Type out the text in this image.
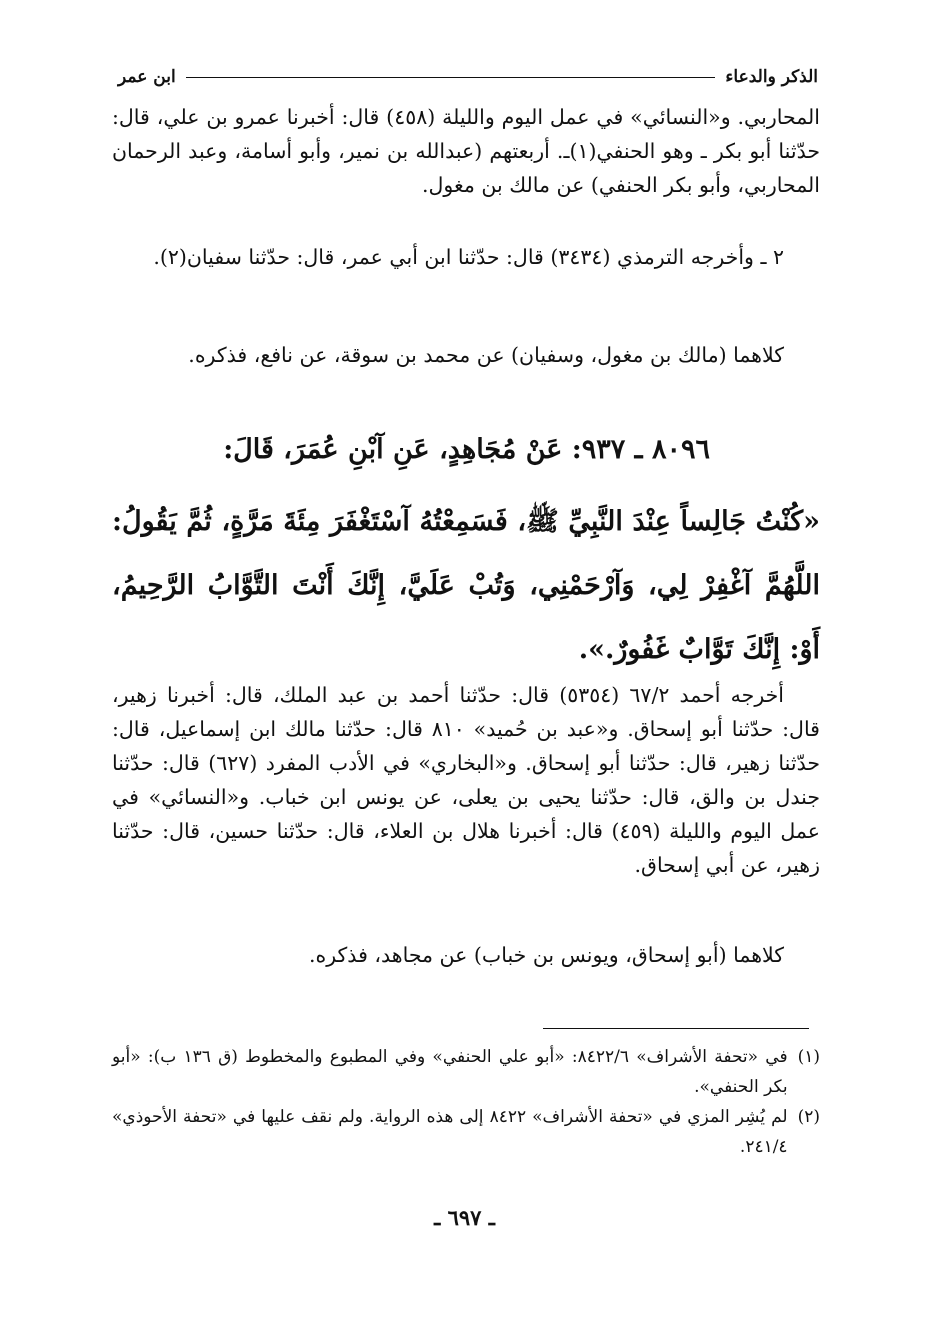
الذكر والدعاء
ابن عمر

المحاربي. و«النسائي» في عمل اليوم والليلة (٤٥٨) قال: أخبرنا عمرو بن علي، قال: حدّثنا أبو بكر ـ وهو الحنفي(١)ـ. أربعتهم (عبدالله بن نمير، وأبو أسامة، وعبد الرحمان المحاربي، وأبو بكر الحنفي) عن مالك بن مغول.

٢ ـ وأخرجه الترمذي (٣٤٣٤) قال: حدّثنا ابن أبي عمر، قال: حدّثنا سفيان(٢).

كلاهما (مالك بن مغول، وسفيان) عن محمد بن سوقة، عن نافع، فذكره.

٨٠٩٦ ـ ٩٣٧: عَنْ مُجَاهِدٍ، عَنِ آبْنِ عُمَرَ، قَالَ:
«كُنْتُ جَالِساً عِنْدَ النَّبِيِّ ﷺ، فَسَمِعْتُهُ آسْتَغْفَرَ مِئَةَ مَرَّةٍ، ثُمَّ يَقُولُ: اللَّهُمَّ آغْفِرْ لِي، وَآرْحَمْنِي، وَتُبْ عَلَيَّ، إِنَّكَ أَنْتَ التَّوَّابُ الرَّحِيمُ، أَوْ: إِنَّكَ تَوَّابٌ غَفُورٌ.».

أخرجه أحمد ٦٧/٢ (٥٣٥٤) قال: حدّثنا أحمد بن عبد الملك، قال: أخبرنا زهير، قال: حدّثنا أبو إسحاق. و«عبد بن حُميد» ٨١٠ قال: حدّثنا مالك ابن إسماعيل، قال: حدّثنا زهير، قال: حدّثنا أبو إسحاق. و«البخاري» في الأدب المفرد (٦٢٧) قال: حدّثنا جندل بن والق، قال: حدّثنا يحيى بن يعلى، عن يونس ابن خباب. و«النسائي» في عمل اليوم والليلة (٤٥٩) قال: أخبرنا هلال بن العلاء، قال: حدّثنا حسين، قال: حدّثنا زهير، عن أبي إسحاق.

كلاهما (أبو إسحاق، ويونس بن خباب) عن مجاهد، فذكره.

(١)
في «تحفة الأشراف» ٨٤٢٢/٦: «أبو علي الحنفي» وفي المطبوع والمخطوط (ق ١٣٦ ب): «أبو بكر الحنفي».

(٢)
لم يُشِر المزي في «تحفة الأشراف» ٨٤٢٢ إلى هذه الرواية. ولم نقف عليها في «تحفة الأحوذي» ٢٤١/٤.

ـ ٦٩٧ ـ
